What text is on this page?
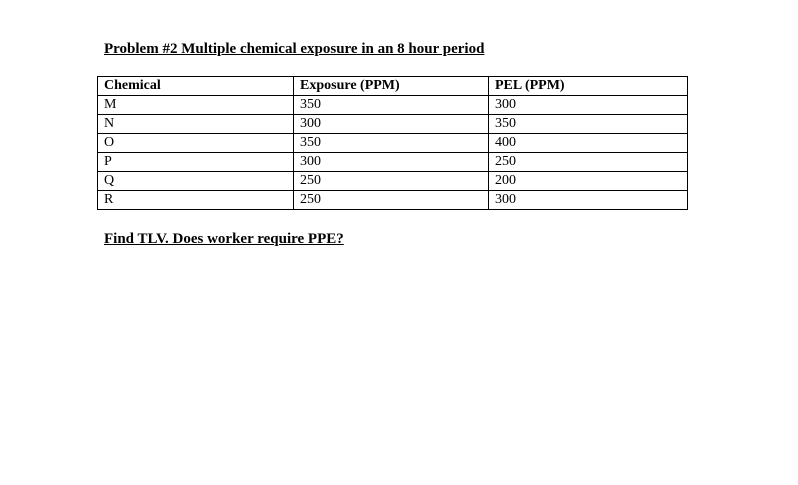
Problem #2 Multiple chemical exposure in an 8 hour period
Chemical	Exposure (PPM)	PEL (PPM)
M	350	300
N	300	350
O	350	400
P	300	250
Q	250	200
R	250	300
Find TLV. Does worker require PPE?
